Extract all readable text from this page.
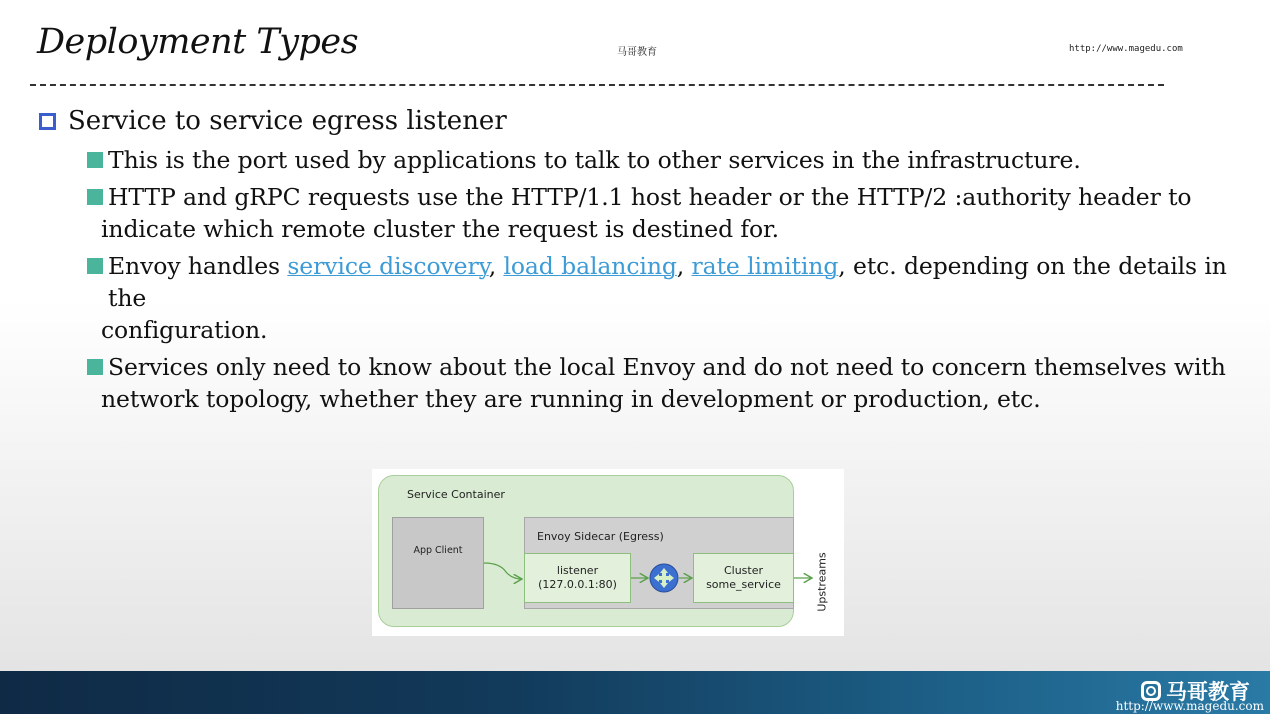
Deployment Types	马哥教育	http://www.magedu.com
Service to service egress listener
This is the port used by applications to talk to other services in the infrastructure.
HTTP and gRPC requests use the HTTP/1.1 host header or the HTTP/2 :authority header to
indicate which remote cluster the request is destined for.
Envoy handles service discovery, load balancing, rate limiting, etc. depending on the details in the
configuration.
Services only need to know about the local Envoy and do not need to concern themselves with
network topology, whether they are running in development or production, etc.
Service Container
App Client
Envoy Sidecar (Egress)
listener
(127.0.0.1:80)
Cluster
some_service	Upstreams
马哥教育
http://www.magedu.com
